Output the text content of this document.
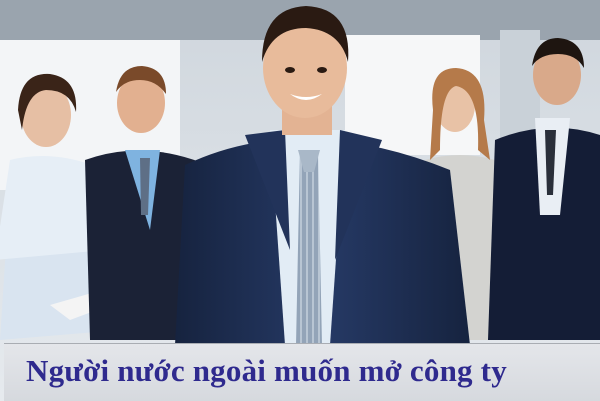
Người nước ngoài muốn mở công ty
